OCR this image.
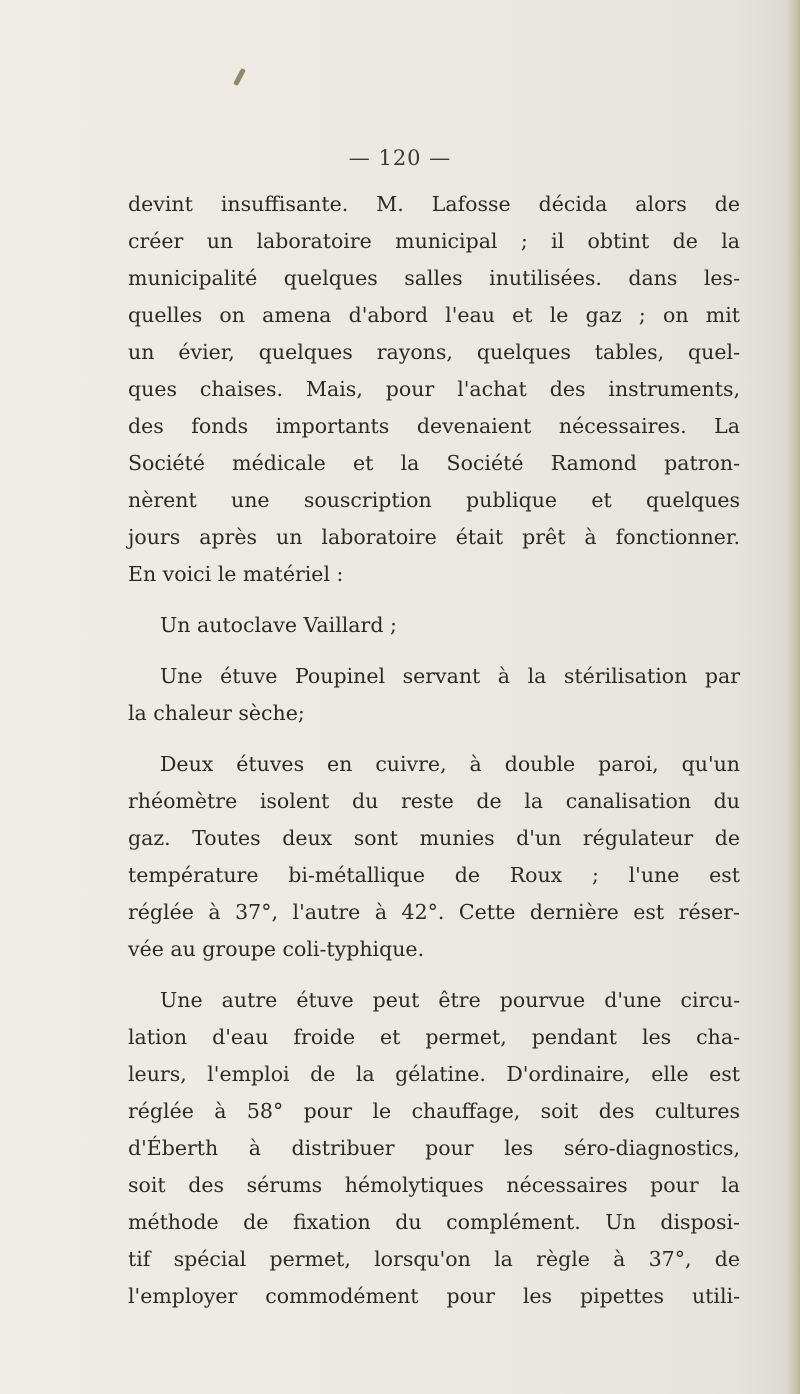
— 120 —
devint insuffisante. M. Lafosse décida alors de
créer un laboratoire municipal ; il obtint de la
municipalité quelques salles inutilisées. dans les-
quelles on amena d'abord l'eau et le gaz ; on mit
un évier, quelques rayons, quelques tables, quel-
ques chaises. Mais, pour l'achat des instruments,
des fonds importants devenaient nécessaires. La
Société médicale et la Société Ramond patron-
nèrent une souscription publique et quelques
jours après un laboratoire était prêt à fonctionner.
En voici le matériel :
Un autoclave Vaillard ;
Une étuve Poupinel servant à la stérilisation par
la chaleur sèche;
Deux étuves en cuivre, à double paroi, qu'un
rhéomètre isolent du reste de la canalisation du
gaz. Toutes deux sont munies d'un régulateur de
température bi-métallique de Roux ; l'une est
réglée à 37°, l'autre à 42°. Cette dernière est réser-
vée au groupe coli-typhique.
Une autre étuve peut être pourvue d'une circu-
lation d'eau froide et permet, pendant les cha-
leurs, l'emploi de la gélatine. D'ordinaire, elle est
réglée à 58° pour le chauffage, soit des cultures
d'Éberth à distribuer pour les séro-diagnostics,
soit des sérums hémolytiques nécessaires pour la
méthode de fixation du complément. Un disposi-
tif spécial permet, lorsqu'on la règle à 37°, de
l'employer commodément pour les pipettes utili-
